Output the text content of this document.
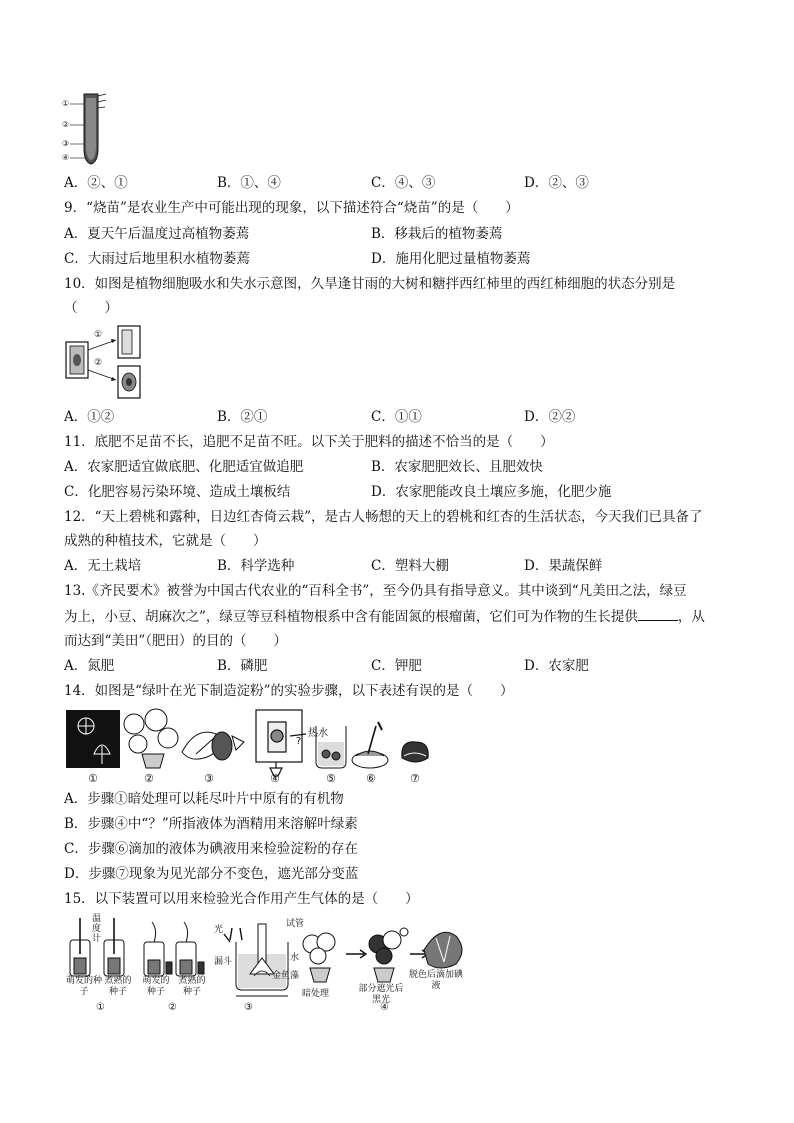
①
②
③
④
A．②、①	B．①、④	C．④、③	D．②、③
9．“烧苗”是农业生产中可能出现的现象，以下描述符合“烧苗”的是（　　）
A．夏天午后温度过高植物萎蔫	B．移栽后的植物萎蔫
C．大雨过后地里积水植物萎蔫	D．施用化肥过量植物萎蔫
10．如图是植物细胞吸水和失水示意图，久旱逢甘雨的大树和糖拌西红柿里的西红柿细胞的状态分别是
（　　）
①
②
A．①②	B．②①	C．①①	D．②②
11．底肥不足苗不长，追肥不足苗不旺。以下关于肥料的描述不恰当的是（　　）
A．农家肥适宜做底肥、化肥适宜做追肥	B．农家肥肥效长、且肥效快
C．化肥容易污染环境、造成土壤板结	D．农家肥能改良土壤应多施，化肥少施
12．“天上碧桃和露种，日边红杏倚云栽”，是古人畅想的天上的碧桃和红杏的生活状态，今天我们已具备了
成熟的种植技术，它就是（　　）
A．无土栽培	B．科学选种	C．塑料大棚	D．果蔬保鲜
13.《齐民要术》被誉为中国古代农业的“百科全书”，至今仍具有指导意义。其中谈到“凡美田之法，绿豆
为上，小豆、胡麻次之”，绿豆等豆科植物根系中含有能固氮的根瘤菌，它们可为作物的生长提供	，从
而达到“美田”（肥田）的目的（　　）
A．氮肥	B．磷肥	C．钾肥	D．农家肥
14．如图是“绿叶在光下制造淀粉”的实验步骤，以下表述有误的是（　　）
热水
?
①	②	③	④	⑤	⑥	⑦
A．步骤①暗处理可以耗尽叶片中原有的有机物
B．步骤④中“？”所指液体为酒精用来溶解叶绿素
C．步骤⑥滴加的液体为碘液用来检验淀粉的存在
D．步骤⑦现象为见光部分不变色，遮光部分变蓝
15．以下装置可以用来检验光合作用产生气体的是（　　）
温度计
萌发的种子
煮熟的种子
萌发的种子
煮熟的种子
光
试管
漏斗	水
金鱼藻
暗处理	部分遮光后黑光
脱色后滴加碘液
①	②	③	④
